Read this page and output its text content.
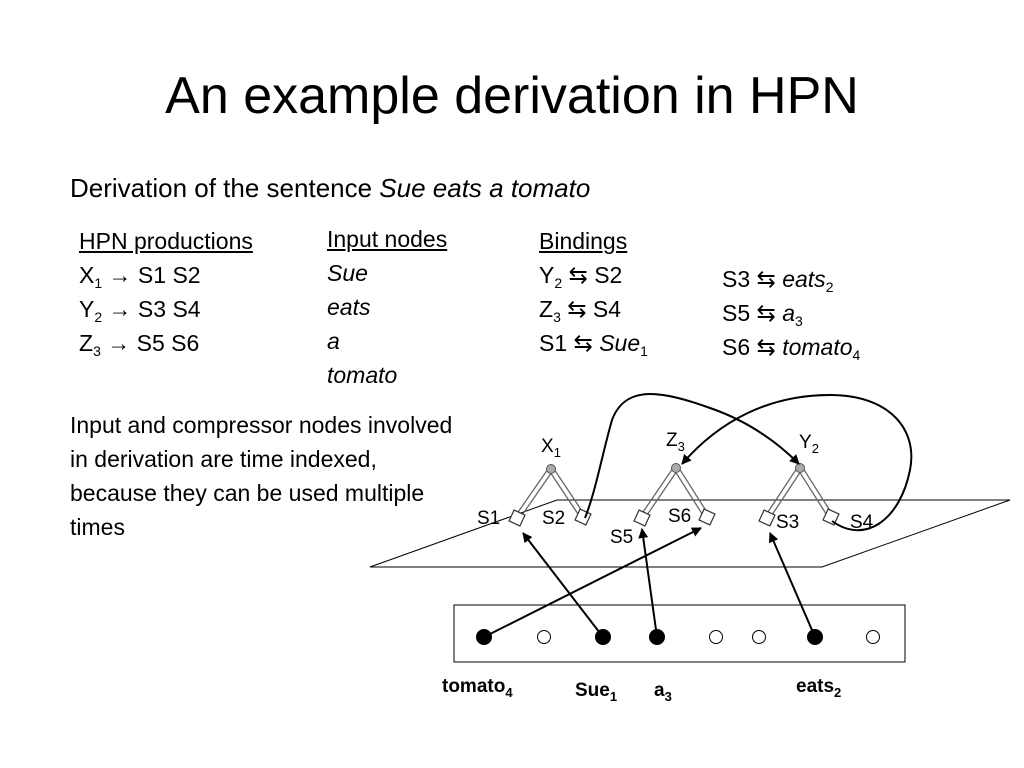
An example derivation in HPN
Derivation of the sentence Sue eats a tomato
HPN productions
$X_1 \to S1$ S2
$Y_2 \to S3$ S4
$Z_3 \to S5$ S6
Input nodes
Sue
eats
a
tomato
Bindings
$Y_2$ ⇆ S2
$Z_3$ ⇆ S4
S1 ⇆ Sue$_1$
S3 ⇆ eats$_2$
S5 ⇆ $a_3$
S6 ⇆ tomato$_4$
Input and compressor nodes involved in derivation are time indexed, because they can be used multiple times
$X_1$
S1 S2
$Z_3$
S5
S6
$Y_2$
S3	S4
tomato$_4$	Sue$_1$ $a_3$	eats$_2$
